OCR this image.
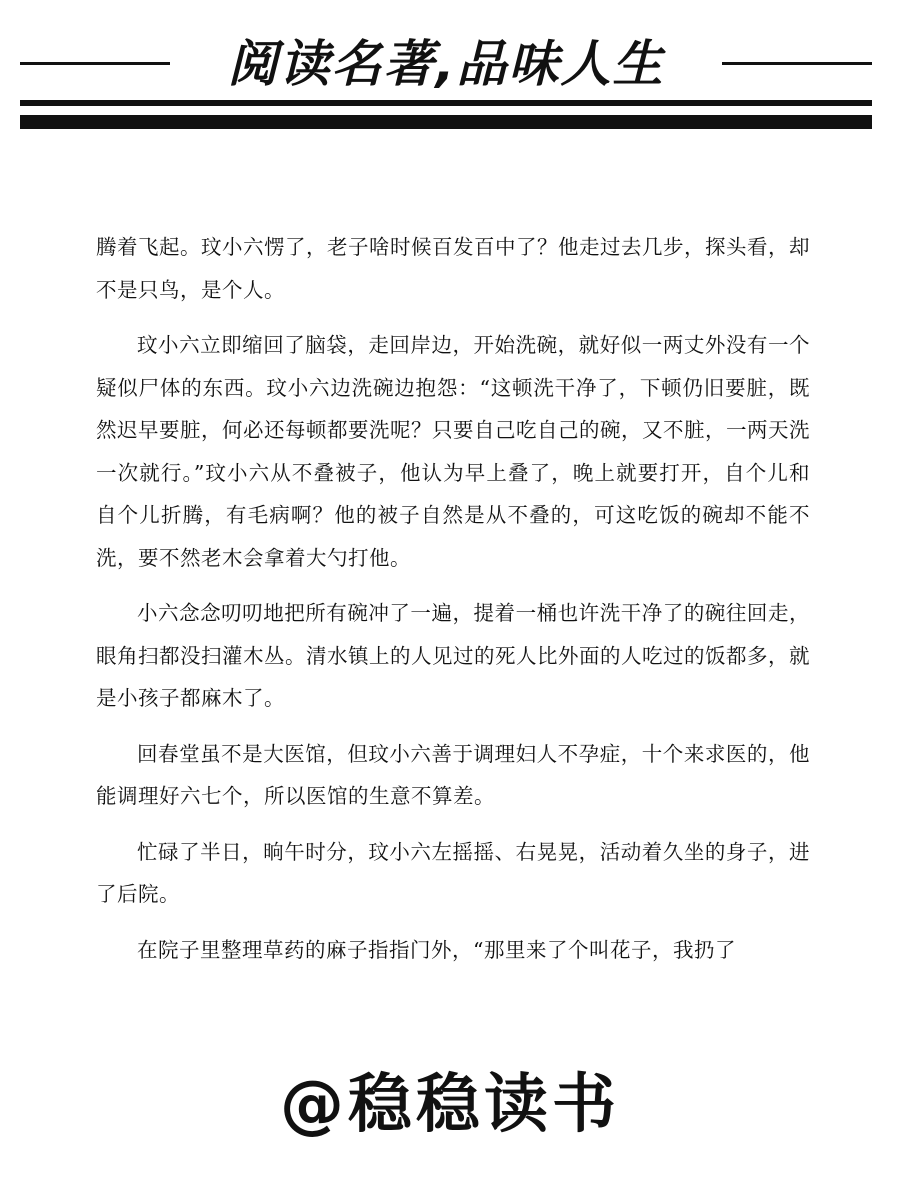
阅读名著,品味人生

腾着飞起。玟小六愣了，老子啥时候百发百中了？他走过去几步，探头看，却不是只鸟，是个人。

玟小六立即缩回了脑袋，走回岸边，开始洗碗，就好似一两丈外没有一个疑似尸体的东西。玟小六边洗碗边抱怨：“这顿洗干净了，下顿仍旧要脏，既然迟早要脏，何必还每顿都要洗呢？只要自己吃自己的碗，又不脏，一两天洗一次就行。”玟小六从不叠被子，他认为早上叠了，晚上就要打开，自个儿和自个儿折腾，有毛病啊？他的被子自然是从不叠的，可这吃饭的碗却不能不洗，要不然老木会拿着大勺打他。

小六念念叨叨地把所有碗冲了一遍，提着一桶也许洗干净了的碗往回走，眼角扫都没扫灌木丛。清水镇上的人见过的死人比外面的人吃过的饭都多，就是小孩子都麻木了。

回春堂虽不是大医馆，但玟小六善于调理妇人不孕症，十个来求医的，他能调理好六七个，所以医馆的生意不算差。

忙碌了半日，晌午时分，玟小六左摇摇、右晃晃，活动着久坐的身子，进了后院。

在院子里整理草药的麻子指指门外，“那里来了个叫花子，我扔了

@稳稳读书
